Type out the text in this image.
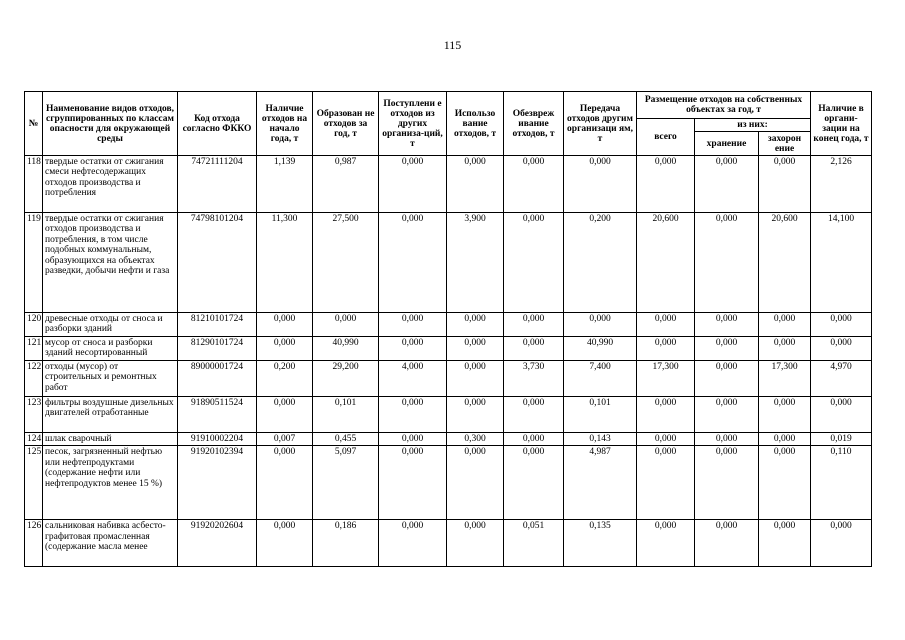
115
№	Наименование видов отходов, сгруппированных по классам опасности для окружающей среды	Код отхода согласно ФККО	Наличие отходов на начало года, т	Образован не отходов за год, т	Поступлени е отходов из других организа-ций, т	Использо вание отходов, т	Обезвреж ивание отходов, т	Передача отходов другим организаци ям, т	Размещение отходов на собственных объектах за год, т			Наличие в органи-зации на конец года, т
									всего	из них:		
										хранение	захорон ение	
118	твердые остатки от сжигания смеси нефтесодержащих отходов производства и потребления	74721111204	1,139	0,987	0,000	0,000	0,000	0,000	0,000	0,000	0,000	2,126
119	твердые остатки от сжигания отходов производства и потребления, в том числе подобных коммунальным, образующихся на объектах разведки, добычи нефти и газа	74798101204	11,300	27,500	0,000	3,900	0,000	0,200	20,600	0,000	20,600	14,100
120	древесные отходы от сноса и разборки зданий	81210101724	0,000	0,000	0,000	0,000	0,000	0,000	0,000	0,000	0,000	0,000
121	мусор от сноса и разборки зданий несортированный	81290101724	0,000	40,990	0,000	0,000	0,000	40,990	0,000	0,000	0,000	0,000
122	отходы (мусор) от строительных и ремонтных работ	89000001724	0,200	29,200	4,000	0,000	3,730	7,400	17,300	0,000	17,300	4,970
123	фильтры воздушные дизельных двигателей отработанные	91890511524	0,000	0,101	0,000	0,000	0,000	0,101	0,000	0,000	0,000	0,000
124	шлак сварочный	91910002204	0,007	0,455	0,000	0,300	0,000	0,143	0,000	0,000	0,000	0,019
125	песок, загрязненный нефтью или нефтепродуктами (содержание нефти или нефтепродуктов менее 15 %)	91920102394	0,000	5,097	0,000	0,000	0,000	4,987	0,000	0,000	0,000	0,110
126	сальниковая набивка асбесто-графитовая промасленная (содержание масла менее	91920202604	0,000	0,186	0,000	0,000	0,051	0,135	0,000	0,000	0,000	0,000
